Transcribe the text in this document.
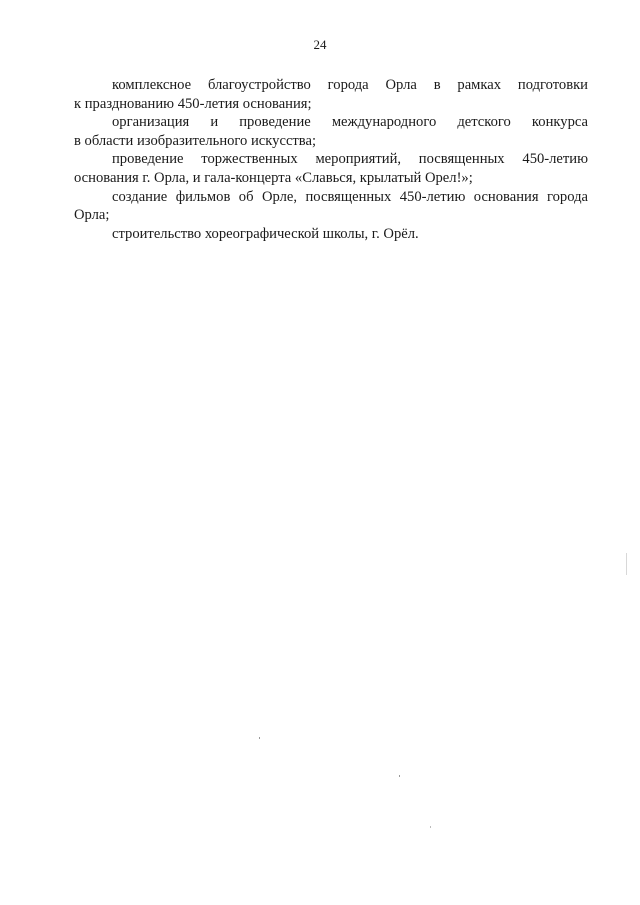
24
комплексное благоустройство города Орла в рамках подготовки
к празднованию 450-летия основания;
организация и проведение международного детского конкурса
в области изобразительного искусства;
проведение торжественных мероприятий, посвященных 450-летию
основания г. Орла, и гала-концерта «Славься, крылатый Орел!»;
создание фильмов об Орле, посвященных 450-летию основания города
Орла;
строительство хореографической школы, г. Орёл.
